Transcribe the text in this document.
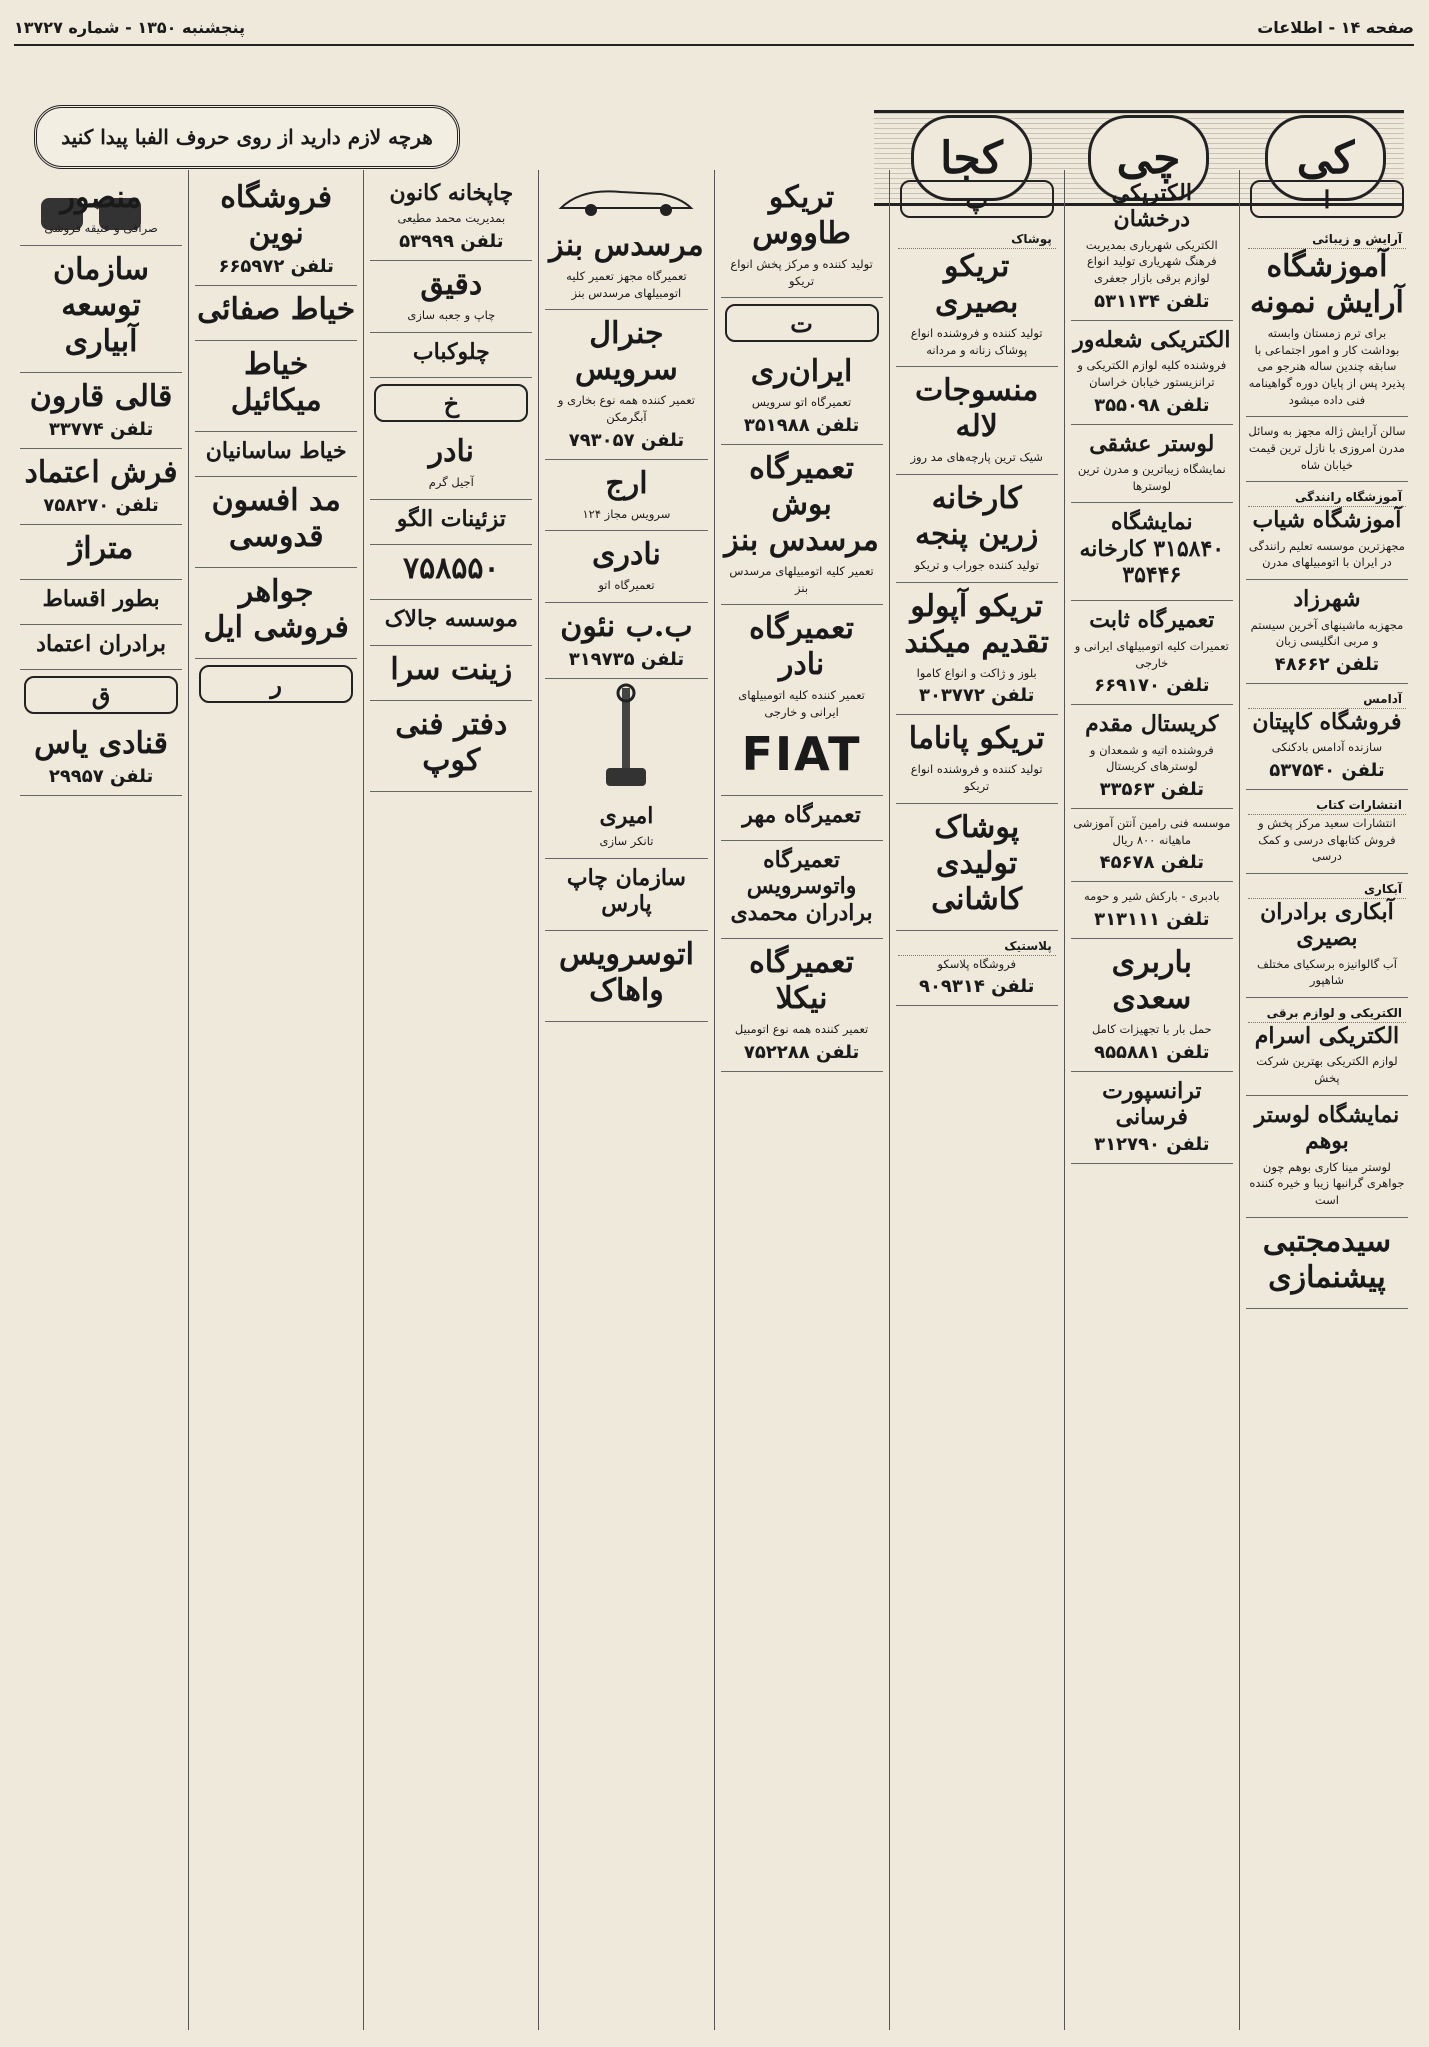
پنجشنبه ۱۳۵۰ - شماره ۱۳۷۲۷	صفحه ۱۴ - اطلاعات
کی
چی
کجا
هرچه لازم دارید از روی حروف الفبا پیدا کنید
ا
آرایش و زیبائی
آموزشگاه آرایش نمونه
برای ترم زمستان وابسته بوداشت کار و امور اجتماعی با سابقه چندین ساله هنرجو می پذیرد پس از پایان دوره گواهینامه فنی داده میشود
سالن آرایش ژاله مجهز به وسائل مدرن امروزی با نازل ترین قیمت خیابان شاه
آموزشگاه رانندگی
آموزشگاه شیاب
مجهزترین موسسه تعلیم رانندگی در ایران با اتومبیلهای مدرن
شهرزاد
مجهزبه ماشینهای آخرین سیستم و مربی انگلیسی زبان
تلفن ۴۸۶۶۲
آدامس
فروشگاه کاپیتان
سازنده آدامس بادکنکی
تلفن ۵۳۷۵۴۰
انتشارات کتاب
انتشارات سعید مرکز پخش و فروش کتابهای درسی و کمک درسی
آبکاری
آبکاری برادران بصیری
آب گالوانیزه برسکیای مختلف شاهپور
الکتریکی و لوازم برقی
الکتریکی اسرام
لوازم الکتریکی بهترین شرکت پخش
نمایشگاه لوستر بوهم
لوستر مینا کاری بوهم چون جواهری گرانبها زیبا و خیره کننده است
سیدمجتبی پیشنمازی
الکتریکی درخشان
الکتریکی شهریاری بمدیریت فرهنگ شهریاری تولید انواع لوازم برقی بازار جعفری
تلفن ۵۳۱۱۳۴
الکتریکی شعله‌ور
فروشنده کلیه لوازم الکتریکی و ترانزیستور خیابان خراسان
تلفن ۳۵۵۰۹۸
لوستر عشقی
نمایشگاه زیباترین و مدرن ترین لوسترها
نمایشگاه ۳۱۵۸۴۰ کارخانه ۳۵۴۴۶
تعمیرگاه ثابت
تعمیرات کلیه اتومبیلهای ایرانی و خارجی
تلفن ۶۶۹۱۷۰
کریستال مقدم
فروشنده اتیه و شمعدان و لوسترهای کریستال
تلفن ۳۳۵۶۳
موسسه فنی رامین آنتن آموزشی ماهیانه ۸۰۰ ریال
تلفن ۴۵۶۷۸
بادبری - بارکش شیر و حومه
تلفن ۳۱۳۱۱۱
باربری سعدی
حمل بار با تجهیزات کامل
تلفن ۹۵۵۸۸۱
ترانسپورت فرسانی
تلفن ۳۱۲۷۹۰
پ
پوشاک
تریکو بصیری
تولید کننده و فروشنده انواع پوشاک زنانه و مردانه
منسوجات لاله
شیک ترین پارچه‌های مد روز
کارخانه زرین پنجه
تولید کننده جوراب و تریکو
تریکو آپولو تقدیم میکند
بلوز و ژاکت و انواع کاموا
تلفن ۳۰۳۷۷۲
تریکو پاناما
تولید کننده و فروشنده انواع تریکو
پوشاک تولیدی کاشانی
پلاستیک
فروشگاه پلاسکو
تلفن ۹۰۹۳۱۴
تریکو طاووس
تولید کننده و مرکز پخش انواع تریکو
ت
ایران‌ری
تعمیرگاه اتو سرویس
تلفن ۳۵۱۹۸۸
تعمیرگاه بوش مرسدس بنز
تعمیر کلیه اتومبیلهای مرسدس بنز
تعمیرگاه نادر
تعمیر کننده کلیه اتومبیلهای ایرانی و خارجی
FIAT
تعمیرگاه مهر
تعمیرگاه واتوسرویس برادران محمدی
تعمیرگاه نیکلا
تعمیر کننده همه نوع اتومبیل
تلفن ۷۵۲۲۸۸
مرسدس بنز
تعمیرگاه مجهز تعمیر کلیه اتومبیلهای مرسدس بنز
جنرال سرویس
تعمیر کننده همه نوع بخاری و آبگرمکن
تلفن ۷۹۳۰۵۷
ارج
سرویس مجاز ۱۲۴
نادری
تعمیرگاه اتو
ب.ب نئون
تلفن ۳۱۹۷۳۵
امیری
تانکر سازی
سازمان چاپ پارس
اتوسرویس واهاک
چاپخانه کانون
بمدیریت محمد مطیعی
تلفن ۵۳۹۹۹
دقیق
چاپ و جعبه سازی
چلوکباب
خ
نادر
آجیل گرم
تزئینات الگو
۷۵۸۵۵۰
موسسه جالاک
زینت سرا
دفتر فنی کوپ
فروشگاه نوین
تلفن ۶۶۵۹۷۲
خیاط صفائی
خیاط میکائیل
خیاط ساسانیان
مد افسون قدوسی
جواهر فروشی ایل
ر
منصور
صرافی و عتیقه فروشی
سازمان توسعه آبیاری
قالی قارون
تلفن ۳۳۷۷۴
فرش اعتماد
تلفن ۷۵۸۲۷۰
متراژ
بطور اقساط
برادران اعتماد
ق
قنادی یاس
تلفن ۲۹۹۵۷
